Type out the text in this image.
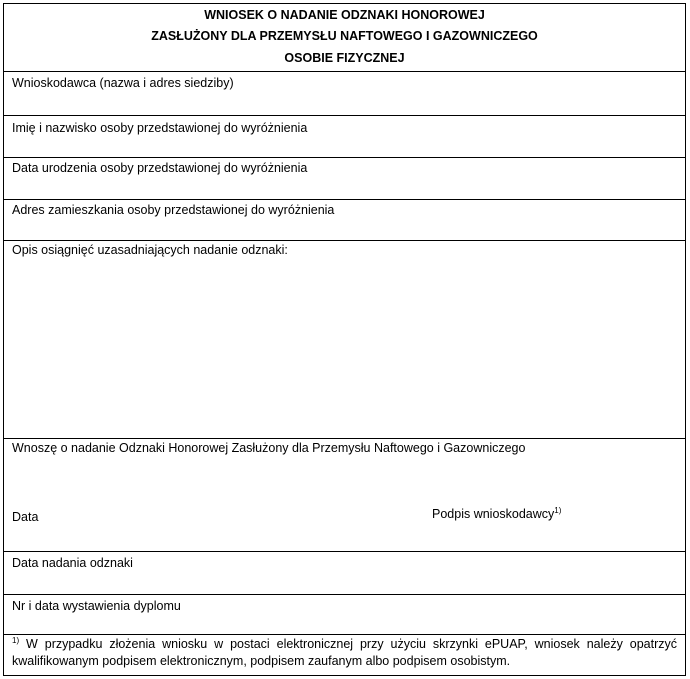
WNIOSEK O NADANIE ODZNAKI HONOROWEJ
ZASŁUŻONY DLA PRZEMYSŁU NAFTOWEGO I GAZOWNICZEGO
OSOBIE FIZYCZNEJ
Wnioskodawca (nazwa i adres siedziby)
Imię i nazwisko osoby przedstawionej do wyróżnienia
Data urodzenia osoby przedstawionej do wyróżnienia
Adres zamieszkania osoby przedstawionej do wyróżnienia
Opis osiągnięć uzasadniających nadanie odznaki:
Wnoszę o nadanie Odznaki Honorowej Zasłużony dla Przemysłu Naftowego i Gazowniczego
Data	Podpis wnioskodawcy$^{1)}$
Data nadania odznaki
Nr i data wystawienia dyplomu
$^{1)}$ W przypadku złożenia wniosku w postaci elektronicznej przy użyciu skrzynki ePUAP, wniosek należy opatrzyć kwalifikowanym podpisem elektronicznym, podpisem zaufanym albo podpisem osobistym.
